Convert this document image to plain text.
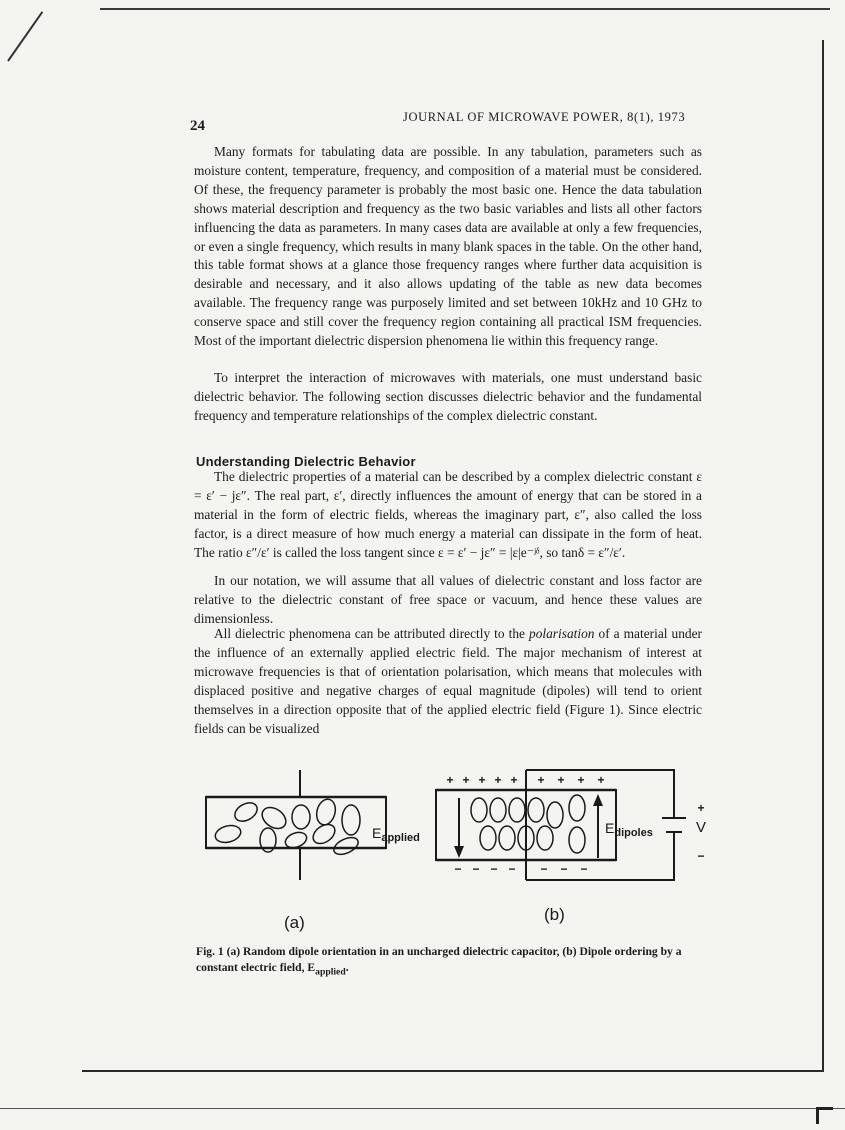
24
JOURNAL OF MICROWAVE POWER, 8(1), 1973

Many formats for tabulating data are possible. In any tabulation, parameters such as moisture content, temperature, frequency, and composition of a material must be considered. Of these, the frequency parameter is probably the most basic one. Hence the data tabulation shows material description and frequency as the two basic variables and lists all other factors influencing the data as parameters. In many cases data are available at only a few frequencies, or even a single frequency, which results in many blank spaces in the table. On the other hand, this table format shows at a glance those frequency ranges where further data acquisition is desirable and necessary, and it also allows updating of the table as new data becomes available. The frequency range was purposely limited and set between 10kHz and 10 GHz to conserve space and still cover the frequency region containing all practical ISM frequencies. Most of the important dielectric dispersion phenomena lie within this frequency range.

To interpret the interaction of microwaves with materials, one must understand basic dielectric behavior. The following section discusses dielectric behavior and the fundamental frequency and temperature relationships of the complex dielectric constant.

Understanding Dielectric Behavior

The dielectric properties of a material can be described by a complex dielectric constant ε = ε′ − jε″. The real part, ε′, directly influences the amount of energy that can be stored in a material in the form of electric fields, whereas the imaginary part, ε″, also called the loss factor, is a direct measure of how much energy a material can dissipate in the form of heat. The ratio ε″/ε′ is called the loss tangent since ε = ε′ − jε″ = |ε|e⁻ʲᵟ, so tanδ = ε″/ε′.

In our notation, we will assume that all values of dielectric constant and loss factor are relative to the dielectric constant of free space or vacuum, and hence these values are dimensionless.

All dielectric phenomena can be attributed directly to the polarisation of a material under the influence of an externally applied electric field. The major mechanism of interest at microwave frequencies is that of orientation polarisation, which means that molecules with displaced positive and negative charges of equal magnitude (dipoles) will tend to orient themselves in a direction opposite that of the applied electric field (Figure 1). Since electric fields can be visualized

+ + + + + + + + +
− − − − − − −
+
−
$E_{applied}$
$E_{dipoles}$	V
(a)	(b)
Fig. 1 (a) Random dipole orientation in an uncharged dielectric capacitor, (b) Dipole ordering by a constant electric field, $E_{applied}$.
